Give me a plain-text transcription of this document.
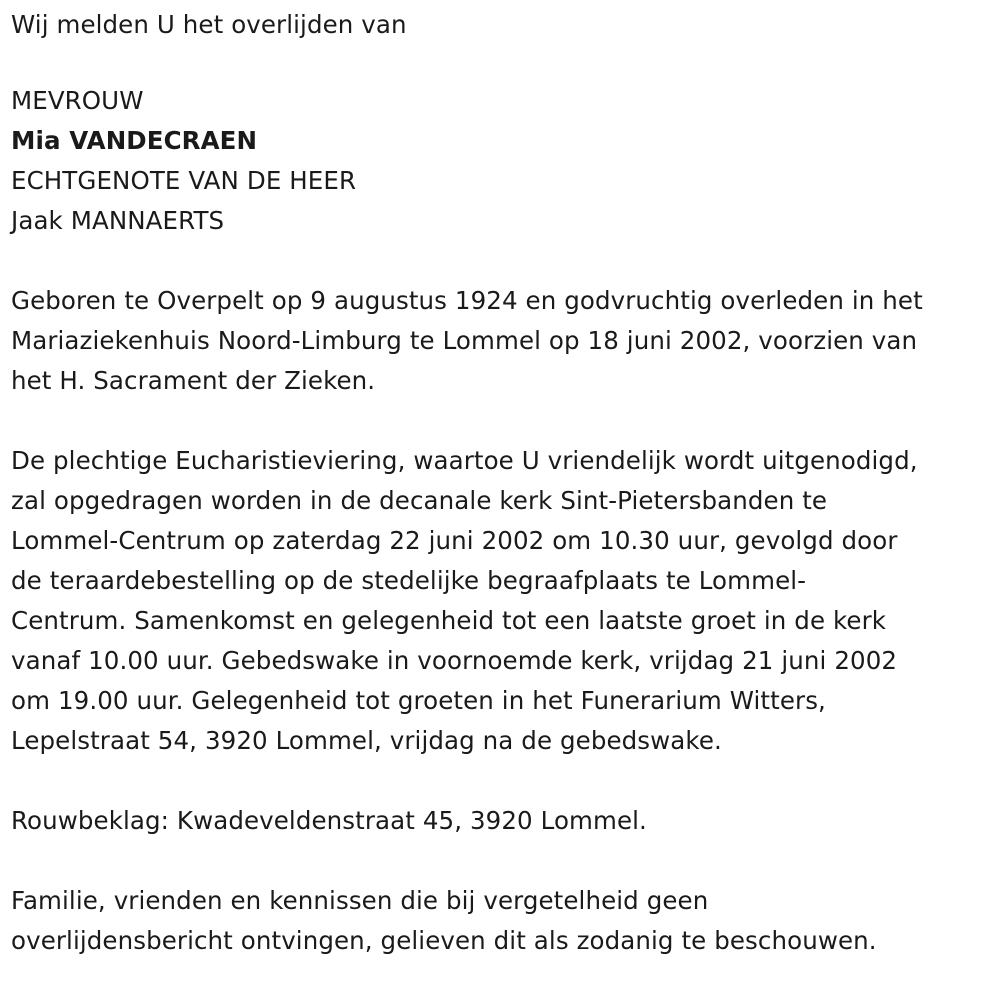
Wij melden U het overlijden van

MEVROUW

Mia VANDECRAEN

ECHTGENOTE VAN DE HEER

Jaak MANNAERTS

Geboren te Overpelt op 9 augustus 1924 en godvruchtig overleden in het
Mariaziekenhuis Noord-Limburg te Lommel op 18 juni 2002, voorzien van
het H. Sacrament der Zieken.

De plechtige Eucharistieviering, waartoe U vriendelijk wordt uitgenodigd,
zal opgedragen worden in de decanale kerk Sint-Pietersbanden te
Lommel-Centrum op zaterdag 22 juni 2002 om 10.30 uur, gevolgd door
de teraardebestelling op de stedelijke begraafplaats te Lommel-
Centrum. Samenkomst en gelegenheid tot een laatste groet in de kerk
vanaf 10.00 uur. Gebedswake in voornoemde kerk, vrijdag 21 juni 2002
om 19.00 uur. Gelegenheid tot groeten in het Funerarium Witters,
Lepelstraat 54, 3920 Lommel, vrijdag na de gebedswake.

Rouwbeklag: Kwadeveldenstraat 45, 3920 Lommel.

Familie, vrienden en kennissen die bij vergetelheid geen
overlijdensbericht ontvingen, gelieven dit als zodanig te beschouwen.
